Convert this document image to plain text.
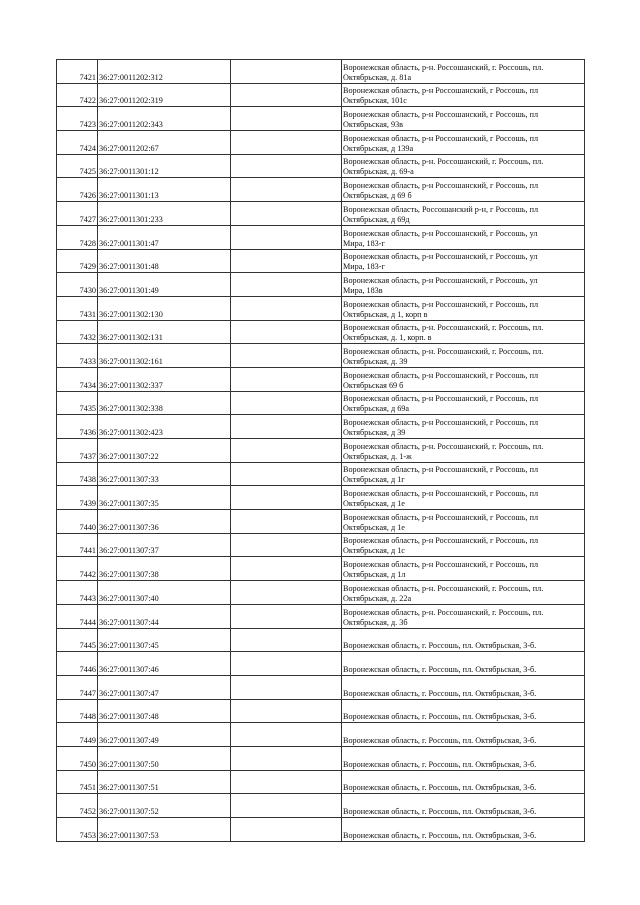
7421	36:27:0011202:312		Воронежская область, р-н. Россошанский, г. Россошь, пл.
Октябрьская, д. 81а

7422	36:27:0011202:319		Воронежская область, р-н Россошанский, г Россошь, пл
Октябрьская, 101с

7423	36:27:0011202:343		Воронежская область, р-н Россошанский, г Россошь, пл
Октябрьская, 93в

7424	36:27:0011202:67		Воронежская область, р-н Россошанский, г Россошь, пл
Октябрьская, д 139а

7425	36:27:0011301:12		Воронежская область, р-н. Россошанский, г. Россошь, пл.
Октябрьская, д. 69-а

7426	36:27:0011301:13		Воронежская область, р-н Россошанский, г Россошь, пл
Октябрьская, д 69 б

7427	36:27:0011301:233		Воронежская область, Россошанский р-н, г Россошь, пл
Октябрьская, д 69д

7428	36:27:0011301:47		Воронежская область, р-н Россошанский, г Россошь, ул
Мира, 183-г

7429	36:27:0011301:48		Воронежская область, р-н Россошанский, г Россошь, ул
Мира, 183-г

7430	36:27:0011301:49		Воронежская область, р-н Россошанский, г Россошь, ул
Мира, 183в

7431	36:27:0011302:130		Воронежская область, р-н Россошанский, г Россошь, пл
Октябрьская, д 1, корп в

7432	36:27:0011302:131		Воронежская область, р-н. Россошанский, г. Россошь, пл.
Октябрьская, д. 1, корп. в

7433	36:27:0011302:161		Воронежская область, р-н. Россошанский, г. Россошь, пл.
Октябрьская, д. 39

7434	36:27:0011302:337		Воронежская область, р-н Россошанский, г Россошь, пл
Октябрьская 69 б

7435	36:27:0011302:338		Воронежская область, р-н Россошанский, г Россошь, пл
Октябрьская, д 69а

7436	36:27:0011302:423		Воронежская область, р-н Россошанский, г Россошь, пл
Октябрьская, д 39

7437	36:27:0011307:22		Воронежская область, р-н. Россошанский, г. Россошь, пл.
Октябрьская, д. 1-ж

7438	36:27:0011307:33		Воронежская область, р-н Россошанский, г Россошь, пл
Октябрьская, д 1г

7439	36:27:0011307:35		Воронежская область, р-н Россошанский, г Россошь, пл
Октябрьская, д 1е

7440	36:27:0011307:36		Воронежская область, р-н Россошанский, г Россошь, пл
Октябрьская, д 1е

7441	36:27:0011307:37		Воронежская область, р-н Россошанский, г Россошь, пл
Октябрьская, д 1с

7442	36:27:0011307:38		Воронежская область, р-н Россошанский, г Россошь, пл
Октябрьская, д 1л

7443	36:27:0011307:40		Воронежская область, р-н. Россошанский, г. Россошь, пл.
Октябрьская, д. 22а

7444	36:27:0011307:44		Воронежская область, р-н. Россошанский, г. Россошь, пл.
Октябрьская, д. 3б

7445	36:27:0011307:45		Воронежская область, г. Россошь, пл. Октябрьская, 3-б.

7446	36:27:0011307:46		Воронежская область, г. Россошь, пл. Октябрьская, 3-б.

7447	36:27:0011307:47		Воронежская область, г. Россошь, пл. Октябрьская, 3-б.

7448	36:27:0011307:48		Воронежская область, г. Россошь, пл. Октябрьская, 3-б.

7449	36:27:0011307:49		Воронежская область, г. Россошь, пл. Октябрьская, 3-б.

7450	36:27:0011307:50		Воронежская область, г. Россошь, пл. Октябрьская, 3-б.

7451	36:27:0011307:51		Воронежская область, г. Россошь, пл. Октябрьская, 3-б.

7452	36:27:0011307:52		Воронежская область, г. Россошь, пл. Октябрьская, 3-б.

7453	36:27:0011307:53		Воронежская область, г. Россошь, пл. Октябрьская, 3-б.
